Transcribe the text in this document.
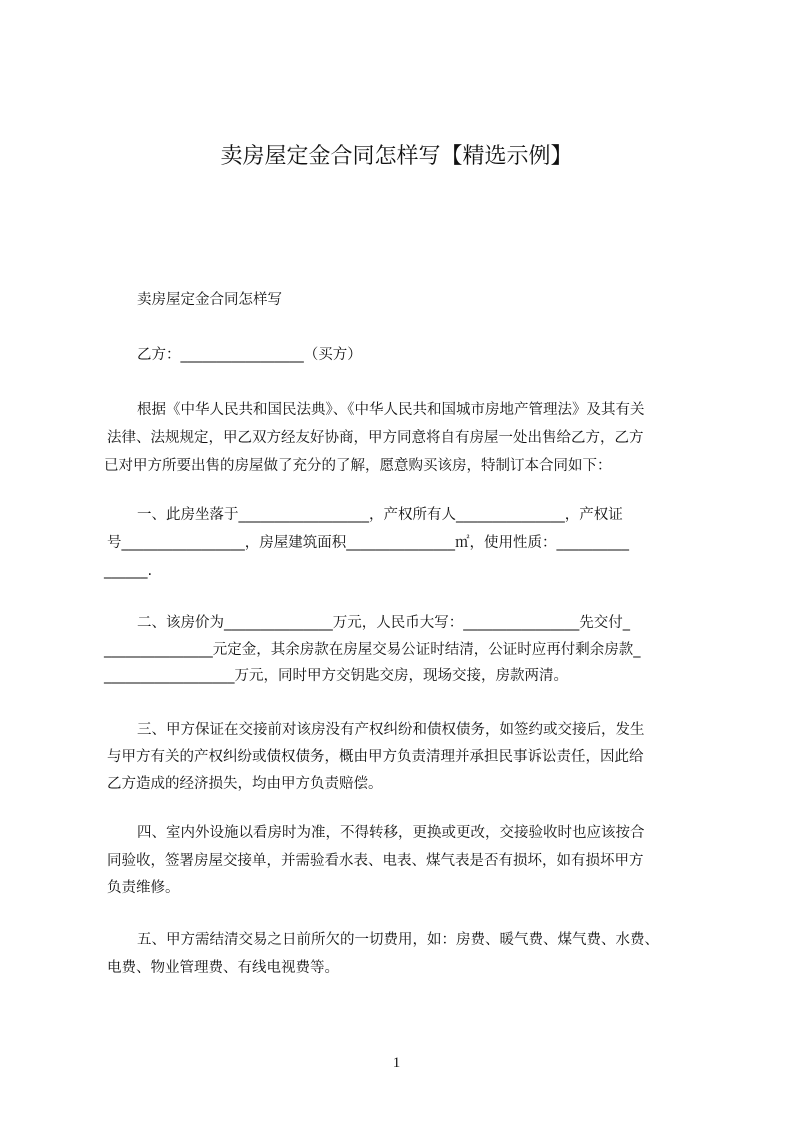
卖房屋定金合同怎样写【精选示例】
卖房屋定金合同怎样写
乙方：_________________（买方）
根据《中华人民共和国民法典》、《中华人民共和国城市房地产管理法》及其有关
法律、法规规定，甲乙双方经友好协商，甲方同意将自有房屋一处出售给乙方，乙方
已对甲方所要出售的房屋做了充分的了解，愿意购买该房，特制订本合同如下：
一、此房坐落于__________________，产权所有人_______________，产权证
号_________________，房屋建筑面积_______________㎡，使用性质：__________
______.
二、该房价为_______________万元，人民币大写：________________先交付_
_______________元定金，其余房款在房屋交易公证时结清，公证时应再付剩余房款_
__________________万元，同时甲方交钥匙交房，现场交接，房款两清。
三、甲方保证在交接前对该房没有产权纠纷和债权债务，如签约或交接后，发生
与甲方有关的产权纠纷或债权债务，概由甲方负责清理并承担民事诉讼责任，因此给
乙方造成的经济损失，均由甲方负责赔偿。
四、室内外设施以看房时为准，不得转移，更换或更改，交接验收时也应该按合
同验收，签署房屋交接单，并需验看水表、电表、煤气表是否有损坏，如有损坏甲方
负责维修。
五、甲方需结清交易之日前所欠的一切费用，如：房费、暖气费、煤气费、水费、
电费、物业管理费、有线电视费等。
1
